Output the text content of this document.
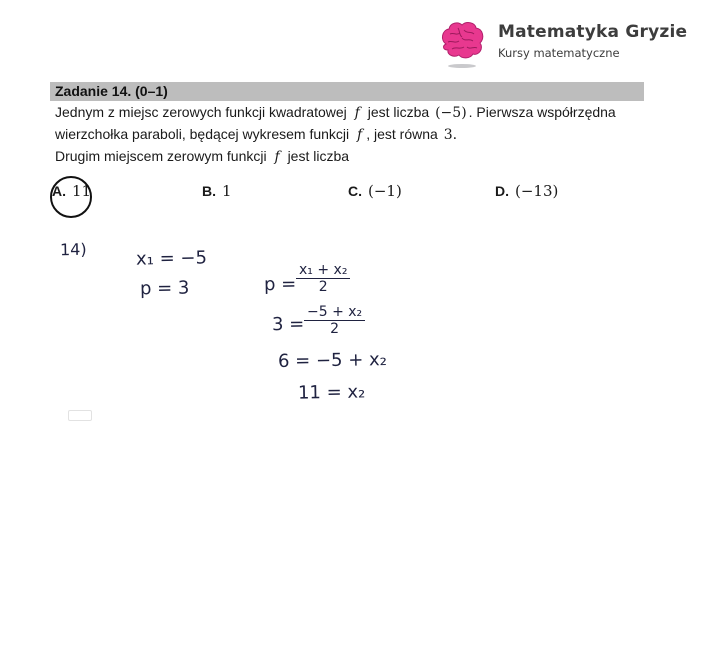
Matematyka Gryzie
Kursy matematyczne
Zadanie 14. (0–1)
Jednym z miejsc zerowych funkcji kwadratowej f jest liczba (−5) . Pierwsza współrzędna
wierzchołka paraboli, będącej wykresem funkcji f , jest równa 3.
Drugim miejscem zerowym funkcji f jest liczba
A. 11	B. 1	C. (−1)	D. (−13)
14)	x₁ = −5
p = 3	$p = \frac{\text{x₁ + x₂}}{2}$
$3 = \frac{\text{−5 + x₂}}{2}$
6 = −5 + x₂
11 = x₂
